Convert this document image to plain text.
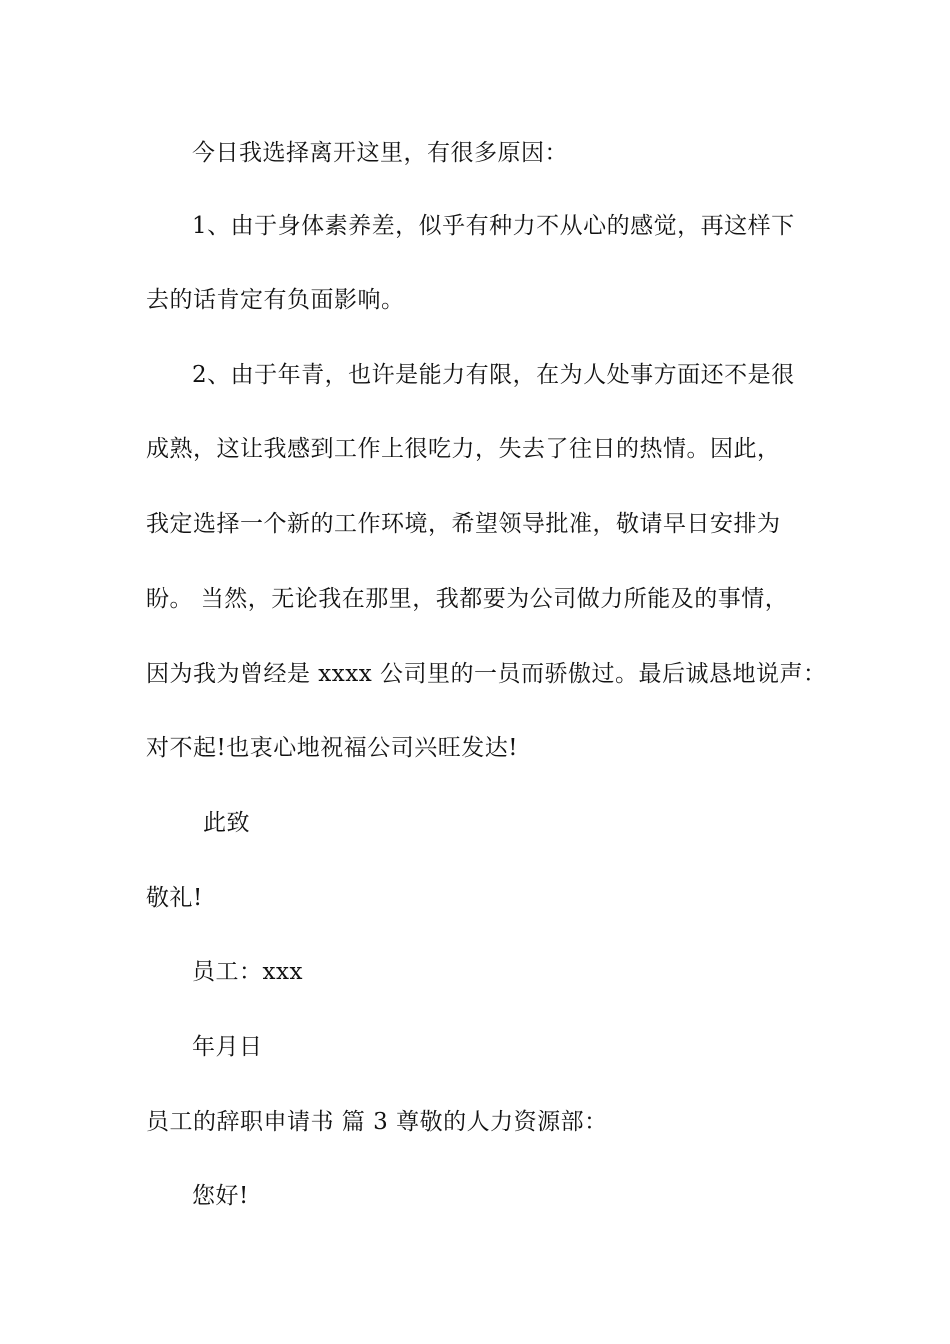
今日我选择离开这里，有很多原因：
1、由于身体素养差，似乎有种力不从心的感觉，再这样下
去的话肯定有负面影响。
2、由于年青，也许是能力有限，在为人处事方面还不是很
成熟，这让我感到工作上很吃力，失去了往日的热情。因此，
我定选择一个新的工作环境，希望领导批准，敬请早日安排为
盼。 当然，无论我在那里，我都要为公司做力所能及的事情，
因为我为曾经是 xxxx 公司里的一员而骄傲过。最后诚恳地说声：
对不起!也衷心地祝福公司兴旺发达!
此致
敬礼!
员工：xxx
年月日
员工的辞职申请书 篇 3 尊敬的人力资源部：
您好!
